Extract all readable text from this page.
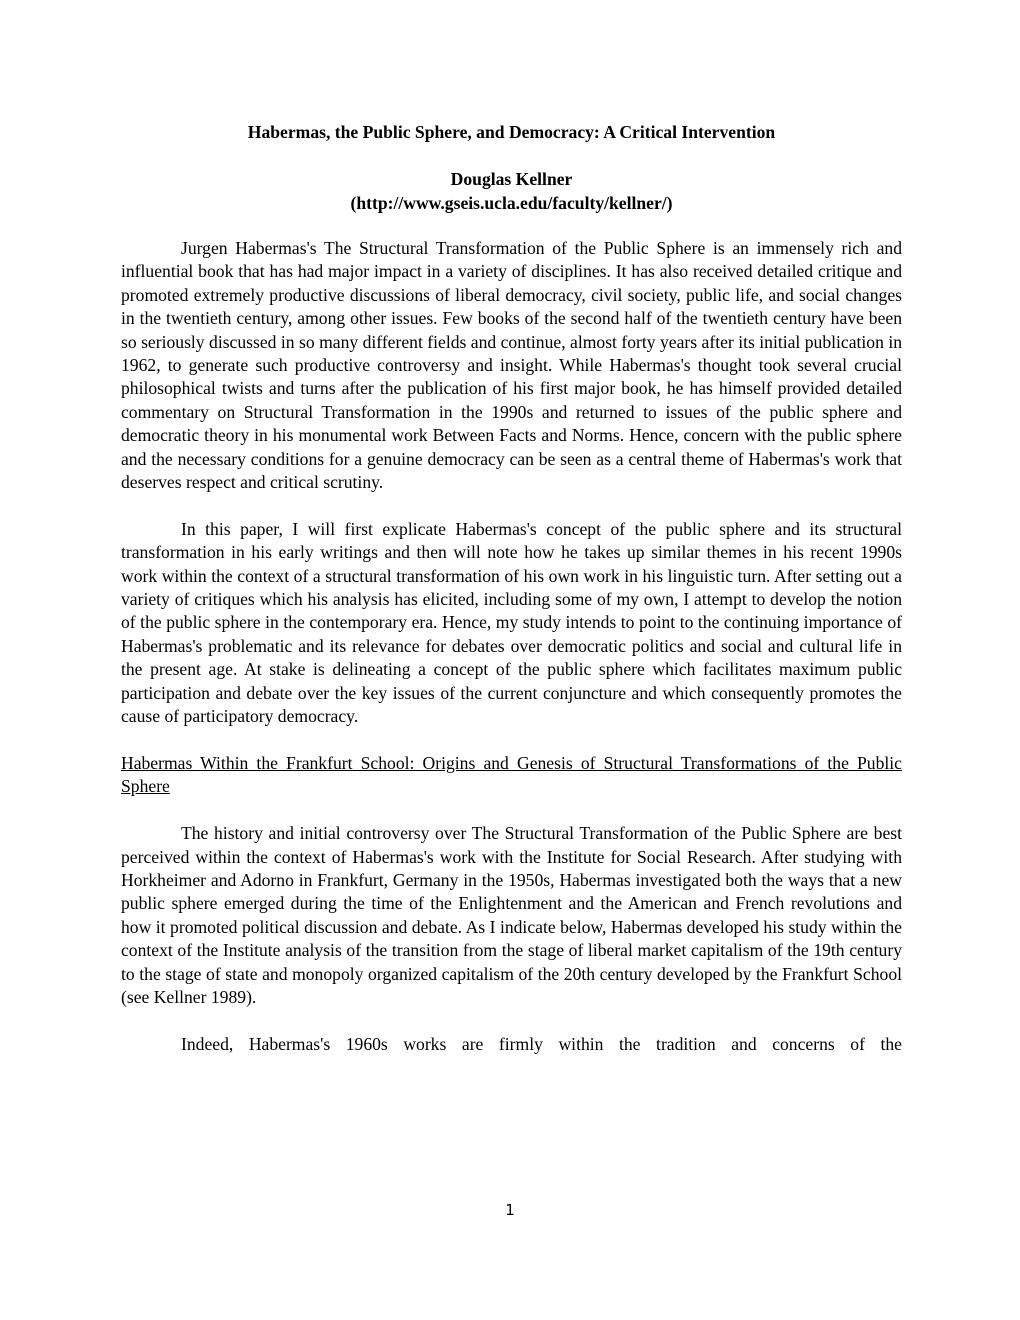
Habermas, the Public Sphere, and Democracy: A Critical Intervention
Douglas Kellner
(http://www.gseis.ucla.edu/faculty/kellner/)

Jurgen Habermas's The Structural Transformation of the Public Sphere is an immensely rich and influential book that has had major impact in a variety of disciplines. It has also received detailed critique and promoted extremely productive discussions of liberal democracy, civil society, public life, and social changes in the twentieth century, among other issues. Few books of the second half of the twentieth century have been so seriously discussed in so many different fields and continue, almost forty years after its initial publication in 1962, to generate such productive controversy and insight. While Habermas's thought took several crucial philosophical twists and turns after the publication of his first major book, he has himself provided detailed commentary on Structural Transformation in the 1990s and returned to issues of the public sphere and democratic theory in his monumental work Between Facts and Norms. Hence, concern with the public sphere and the necessary conditions for a genuine democracy can be seen as a central theme of Habermas's work that deserves respect and critical scrutiny.

In this paper, I will first explicate Habermas's concept of the public sphere and its structural transformation in his early writings and then will note how he takes up similar themes in his recent 1990s work within the context of a structural transformation of his own work in his linguistic turn. After setting out a variety of critiques which his analysis has elicited, including some of my own, I attempt to develop the notion of the public sphere in the contemporary era. Hence, my study intends to point to the continuing importance of Habermas's problematic and its relevance for debates over democratic politics and social and cultural life in the present age. At stake is delineating a concept of the public sphere which facilitates maximum public participation and debate over the key issues of the current conjuncture and which consequently promotes the cause of participatory democracy.

Habermas Within the Frankfurt School: Origins and Genesis of Structural Transformations of the Public Sphere

The history and initial controversy over The Structural Transformation of the Public Sphere are best perceived within the context of Habermas's work with the Institute for Social Research. After studying with Horkheimer and Adorno in Frankfurt, Germany in the 1950s, Habermas investigated both the ways that a new public sphere emerged during the time of the Enlightenment and the American and French revolutions and how it promoted political discussion and debate. As I indicate below, Habermas developed his study within the context of the Institute analysis of the transition from the stage of liberal market capitalism of the 19th century to the stage of state and monopoly organized capitalism of the 20th century developed by the Frankfurt School (see Kellner 1989).

Indeed, Habermas's 1960s works are firmly within the tradition and concerns of the

1
